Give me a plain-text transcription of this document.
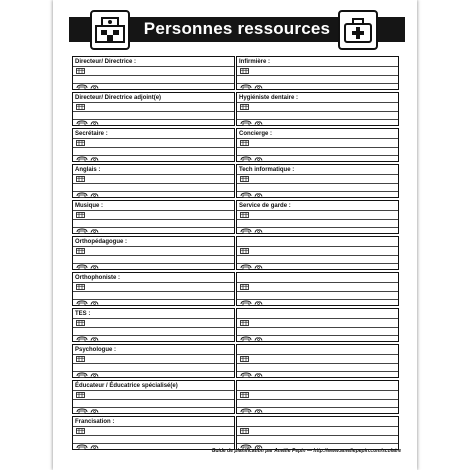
Personnes ressources
Directeur/ Directrice :
Directeur/ Directrice adjoint(e)
Secrétaire :
Anglais :
Musique :
Orthopédagogue :
Orthophoniste :
TES :
Psychologue :
Éducateur / Éducatrice spécialisé(e)
Francisation :
Infirmière :
Hygiéniste dentaire :
Concierge :
Tech informatique :
Service de garde :
Guide de planification par Amélie Pepin — http://www.ameliepepin.com/scolaire
